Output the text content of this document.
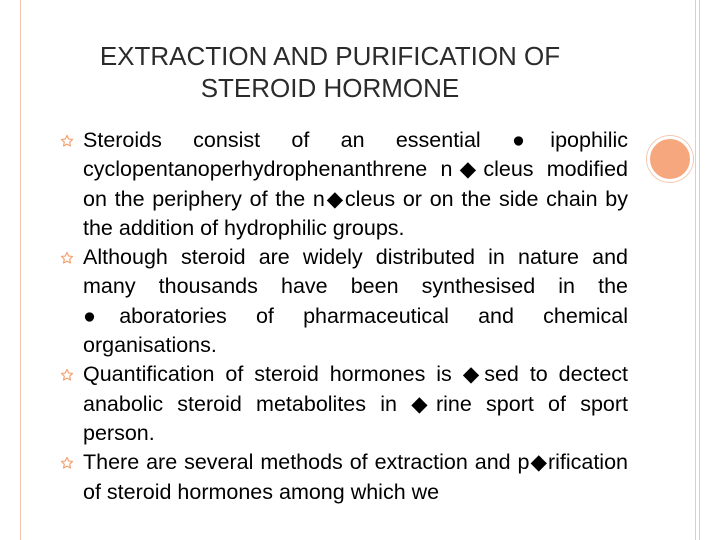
EXTRACTION AND PURIFICATION OF STEROID HORMONE
Steroids consist of an essential ●ipophilic cyclopentanoperhydrophenanthrene n◆cleus modified on the periphery of the n◆cleus or on the side chain by the addition of hydrophilic groups.
Although steroid are widely distributed in nature and many thousands have been synthesised in the ●aboratories of pharmaceutical and chemical organisations.
Quantification of steroid hormones is ◆sed to dectect anabolic steroid metabolites in ◆rine sport of sport person.
There are several methods of extraction and p◆rification of steroid hormones among which we
